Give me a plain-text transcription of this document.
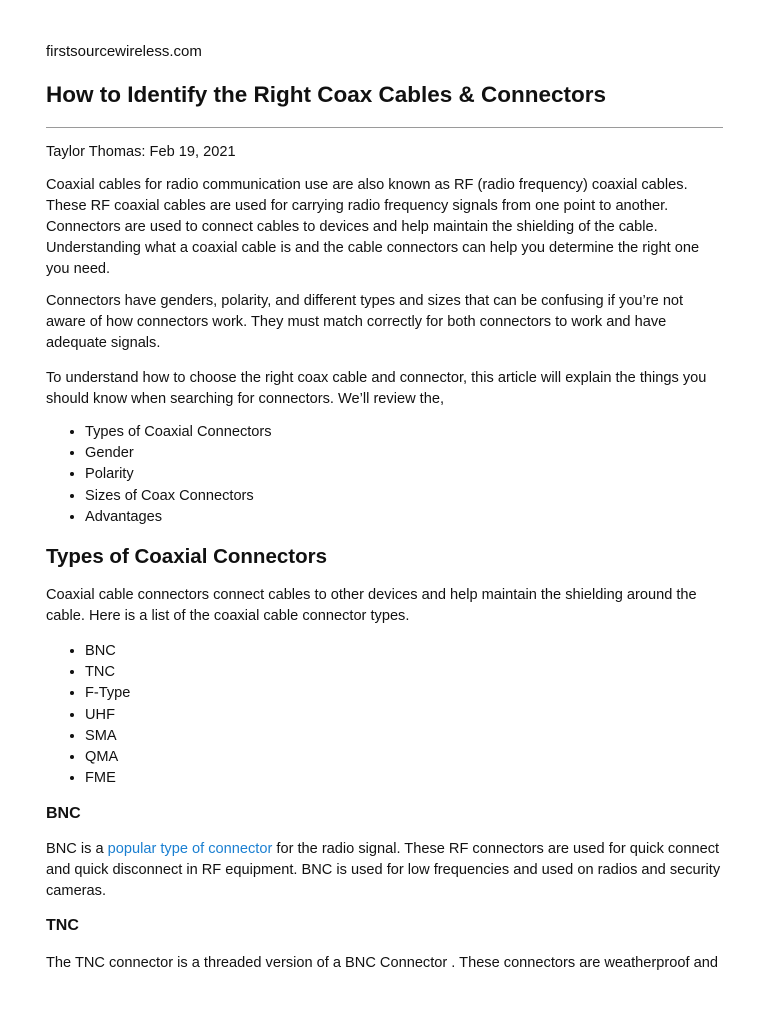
firstsourcewireless.com
How to Identify the Right Coax Cables & Connectors
Taylor Thomas: Feb 19, 2021

Coaxial cables for radio communication use are also known as RF (radio frequency) coaxial cables. These RF coaxial cables are used for carrying radio frequency signals from one point to another. Connectors are used to connect cables to devices and help maintain the shielding of the cable. Understanding what a coaxial cable is and the cable connectors can help you determine the right one you need.

Connectors have genders, polarity, and different types and sizes that can be confusing if you’re not aware of how connectors work. They must match correctly for both connectors to work and have adequate signals.

To understand how to choose the right coax cable and connector, this article will explain the things you should know when searching for connectors. We’ll review the,

• Types of Coaxial Connectors
• Gender
• Polarity
• Sizes of Coax Connectors
• Advantages
Types of Coaxial Connectors

Coaxial cable connectors connect cables to other devices and help maintain the shielding around the cable. Here is a list of the coaxial cable connector types.

• BNC
• TNC
• F-Type
• UHF
• SMA
• QMA
• FME
BNC

BNC is a popular type of connector for the radio signal. These RF connectors are used for quick connect and quick disconnect in RF equipment. BNC is used for low frequencies and used on radios and security cameras.

TNC

The TNC connector is a threaded version of a BNC Connector . These connectors are weatherproof and
